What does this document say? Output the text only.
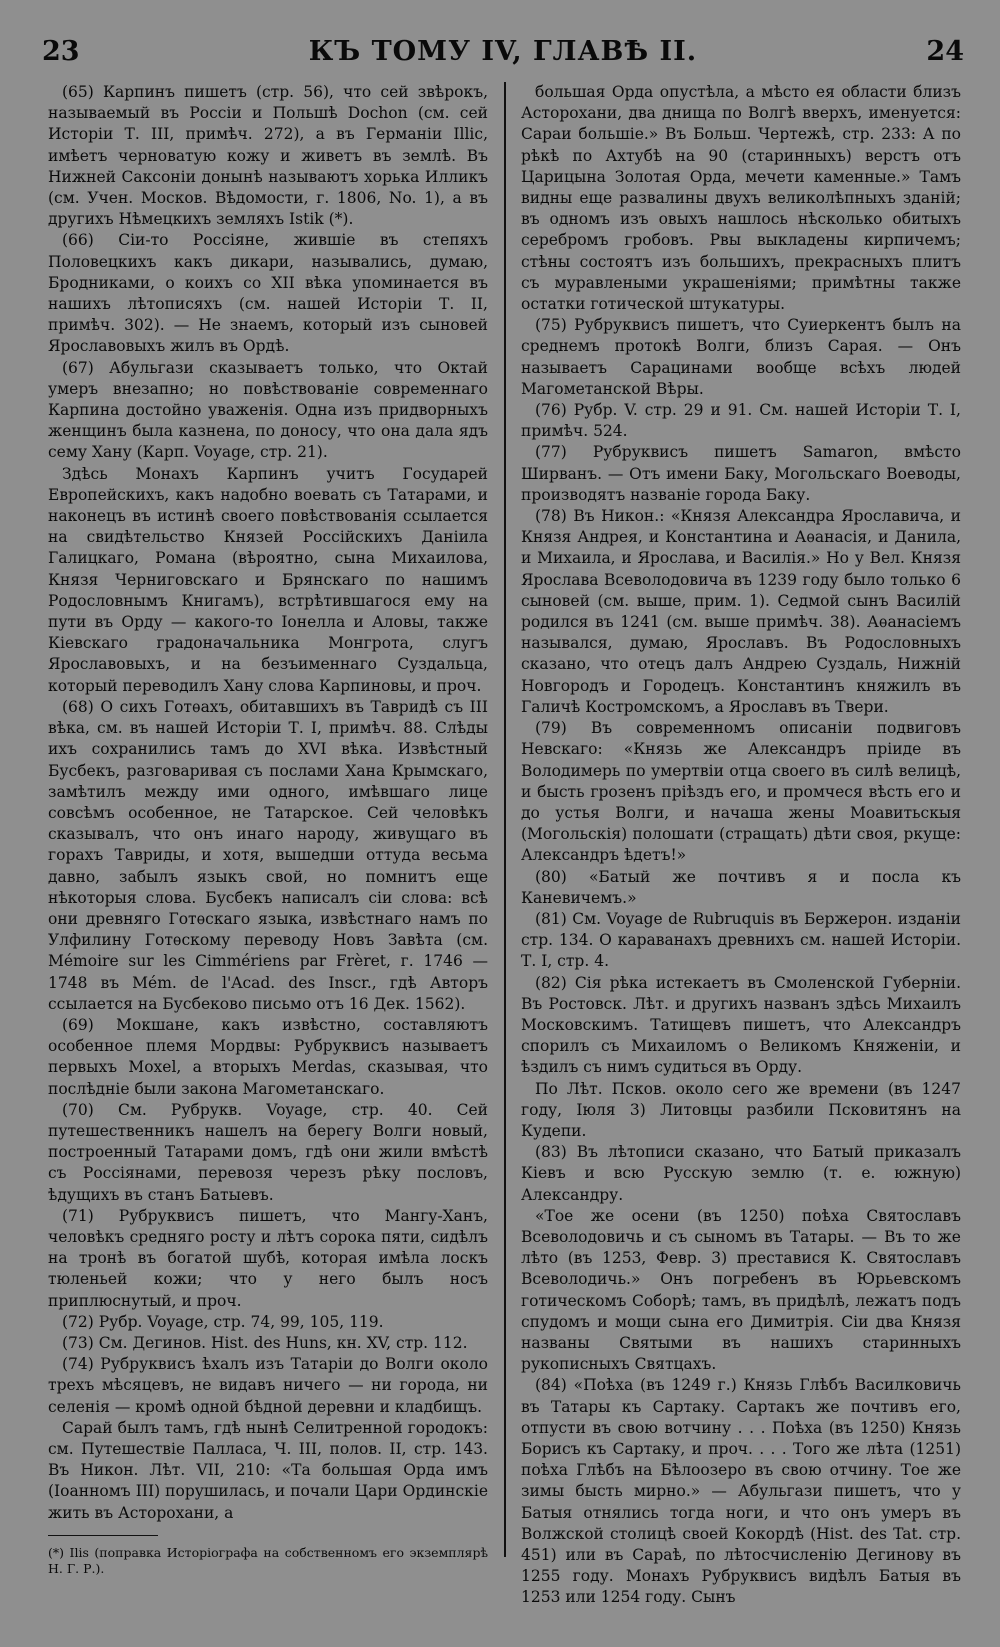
23	КЪ ТОМУ IV, ГЛАВѢ II.	24

(65) Карпинъ пишетъ (стр. 56), что сей звѣрокъ, называемый въ Россіи и Польшѣ Dochon (см. сей Исторіи Т. III, примѣч. 272), а въ Германіи Illic, имѣетъ черноватую кожу и живетъ въ землѣ. Въ Нижней Саксоніи донынѣ называютъ хорька Илликъ (см. Учен. Москов. Вѣдомости, г. 1806, No. 1), а въ другихъ Нѣмецкихъ земляхъ Istik (*).

(66) Сіи-то Россіяне, жившіе въ степяхъ Половецкихъ какъ дикари, назывались, думаю, Бродниками, о коихъ со XII вѣка упоминается въ нашихъ лѣтописяхъ (см. нашей Исторіи Т. II, примѣч. 302). — Не знаемъ, который изъ сыновей Ярославовыхъ жилъ въ Ордѣ.

(67) Абульгази сказываетъ только, что Октай умеръ внезапно; но повѣствованіе современнаго Карпина достойно уваженія. Одна изъ придворныхъ женщинъ была казнена, по доносу, что она дала ядъ сему Хану (Карп. Voyage, стр. 21).

Здѣсь Монахъ Карпинъ учитъ Государей Европейскихъ, какъ надобно воевать съ Татарами, и наконецъ въ истинѣ своего повѣствованія ссылается на свидѣтельство Князей Россійскихъ Данiила Галицкаго, Романа (вѣроятно, сына Михаилова, Князя Черниговскаго и Брянскаго по нашимъ Родословнымъ Книгамъ), встрѣтившагося ему на пути въ Орду — какого-то Іонелла и Аловы, также Кіевскаго градоначальника Монгрота, слугъ Ярославовыхъ, и на безъименнаго Суздальца, который переводилъ Хану слова Карпиновы, и проч.

(68) О сихъ Готѳахъ, обитавшихъ въ Тавридѣ съ III вѣка, см. въ нашей Исторіи Т. I, примѣч. 88. Слѣды ихъ сохранились тамъ до XVI вѣка. Извѣстный Бусбекъ, разговаривая съ послами Хана Крымскаго, замѣтилъ между ими одного, имѣвшаго лице совсѣмъ особенное, не Татарское. Сей человѣкъ сказывалъ, что онъ инаго народу, живущаго въ горахъ Тавриды, и хотя, вышедши оттуда весьма давно, забылъ языкъ свой, но помнитъ еще нѣкоторыя слова. Бусбекъ написалъ сіи слова: всѣ они древняго Готѳскаго языка, извѣстнаго намъ по Улфилину Готѳскому переводу Новъ Завѣта (см. Mémoire sur les Cimmériens par Frèret, г. 1746 — 1748 въ Mém. de l'Acad. des Inscr., гдѣ Авторъ ссылается на Бусбеково письмо отъ 16 Дек. 1562).

(69) Мокшане, какъ извѣстно, составляютъ особенное племя Мордвы: Рубруквисъ называетъ первыхъ Moxel, а вторыхъ Merdas, сказывая, что послѣдніе были закона Магометанскаго.

(70) См. Рубрукв. Voyage, стр. 40. Сей путешественникъ нашелъ на берегу Волги новый, построенный Татарами домъ, гдѣ они жили вмѣстѣ съ Россіянами, перевозя черезъ рѣку пословъ, ѣдущихъ въ станъ Батыевъ.

(71) Рубруквисъ пишетъ, что Мангу-Ханъ, человѣкъ средняго росту и лѣтъ сорока пяти, сидѣлъ на тронѣ въ богатой шубѣ, которая имѣла лоскъ тюленьей кожи; что у него былъ носъ приплюснутый, и проч.

(72) Рубр. Voyage, стр. 74, 99, 105, 119.

(73) См. Дегинов. Hist. des Huns, кн. XV, стр. 112.

(74) Рубруквисъ ѣхалъ изъ Татаріи до Волги около трехъ мѣсяцевъ, не видавъ ничего — ни города, ни селенія — кромѣ одной бѣдной деревни и кладбищъ.

Сарай былъ тамъ, гдѣ нынѣ Селитренной городокъ: см. Путешествіе Палласа, Ч. III, полов. II, стр. 143. Въ Никон. Лѣт. VII, 210: «Та большая Орда имъ (Іоанномъ III) порушилась, и почали Цари Ординскіе жить въ Асторохани, а

большая Орда опустѣла, а мѣсто ея области близъ Асторохани, два днища по Волгѣ вверхъ, именуется: Сараи большіе.» Въ Больш. Чертежѣ, стр. 233: А по рѣкѣ по Ахтубѣ на 90 (старинныхъ) верстъ отъ Царицына Золотая Орда, мечети каменные.» Тамъ видны еще развалины двухъ великолѣпныхъ зданій; въ одномъ изъ овыхъ нашлось нѣсколько обитыхъ серебромъ гробовъ. Рвы выкладены кирпичемъ; стѣны состоятъ изъ большихъ, прекрасныхъ плитъ съ муравлеными украшеніями; примѣтны также остатки готической штукатуры.

(75) Рубруквисъ пишетъ, что Суиеркентъ былъ на среднемъ протокѣ Волги, близъ Сарая. — Онъ называетъ Сарацинами вообще всѣхъ людей Магометанской Вѣры.

(76) Рубр. V. стр. 29 и 91. См. нашей Исторіи Т. I, примѣч. 524.

(77) Рубруквисъ пишетъ Samaron, вмѣсто Ширванъ. — Отъ имени Баку, Могольскаго Воеводы, производятъ названіе города Баку.

(78) Въ Никон.: «Князя Александра Ярославича, и Князя Андрея, и Константина и Аѳанасія, и Данила, и Михаила, и Ярослава, и Василія.» Но у Вел. Князя Ярослава Всеволодовича въ 1239 году было только 6 сыновей (см. выше, прим. 1). Седмой сынъ Василій родился въ 1241 (см. выше примѣч. 38). Аѳанасіемъ назывался, думаю, Ярославъ. Въ Родословныхъ сказано, что отецъ далъ Андрею Суздаль, Нижній Новгородъ и Городецъ. Константинъ княжилъ въ Галичѣ Костромскомъ, а Ярославъ въ Твери.

(79) Въ современномъ описаніи подвиговъ Невскаго: «Князь же Александръ пріиде въ Володимерь по умертвіи отца своего въ силѣ велицѣ, и бысть грозенъ пріѣздъ его, и промчеся вѣсть его и до устья Волги, и начаша жены Моавитьскыя (Могольскія) полошати (стращать) дѣти своя, ркуще: Александръ ѣдетъ!»

(80) «Батый же почтивъ я и посла къ Каневичемъ.»

(81) См. Voyage de Rubruquis въ Бержерон. изданіи стр. 134. О караванахъ древнихъ см. нашей Исторіи. Т. I, стр. 4.

(82) Сія рѣка истекаетъ въ Смоленской Губерніи. Въ Ростовск. Лѣт. и другихъ названъ здѣсь Михаилъ Московскимъ. Татищевъ пишетъ, что Александръ спорилъ съ Михаиломъ о Великомъ Княженіи, и ѣздилъ съ нимъ судиться въ Орду.

По Лѣт. Псков. около сего же времени (въ 1247 году, Іюля 3) Литовцы разбили Псковитянъ на Кудепи.

(83) Въ лѣтописи сказано, что Батый приказалъ Кіевъ и всю Русскую землю (т. е. южную) Александру.

«Тое же осени (въ 1250) поѣха Святославъ Всеволодовичь и съ сыномъ въ Татары. — Въ то же лѣто (въ 1253, Февр. 3) преставися К. Святославъ Всеволодичь.» Онъ погребенъ въ Юрьевскомъ готическомъ Соборѣ; тамъ, въ придѣлѣ, лежатъ подъ спудомъ и мощи сына его Димитрія. Сіи два Князя названы Святыми въ нашихъ старинныхъ рукописныхъ Святцахъ.

(84) «Поѣха (въ 1249 г.) Князь Глѣбъ Василковичь въ Татары къ Сартаку. Сартакъ же почтивъ его, отпусти въ свою вотчину . . . Поѣха (въ 1250) Князь Борисъ къ Сартаку, и проч. . . . Того же лѣта (1251) поѣха Глѣбъ на Бѣлоозеро въ свою отчину. Тое же зимы бысть мирно.» — Абульгази пишетъ, что у Батыя отнялись тогда ноги, и что онъ умеръ въ Волжской столицѣ своей Кокордѣ (Hist. des Tat. стр. 451) или въ Сараѣ, по лѣтосчисленію Дегинову въ 1255 году. Монахъ Рубруквисъ видѣлъ Батыя въ 1253 или 1254 году. Сынъ

(*) Ilis (поправка Исторіографа на собственномъ его экземплярѣ Н. Г. Р.).
